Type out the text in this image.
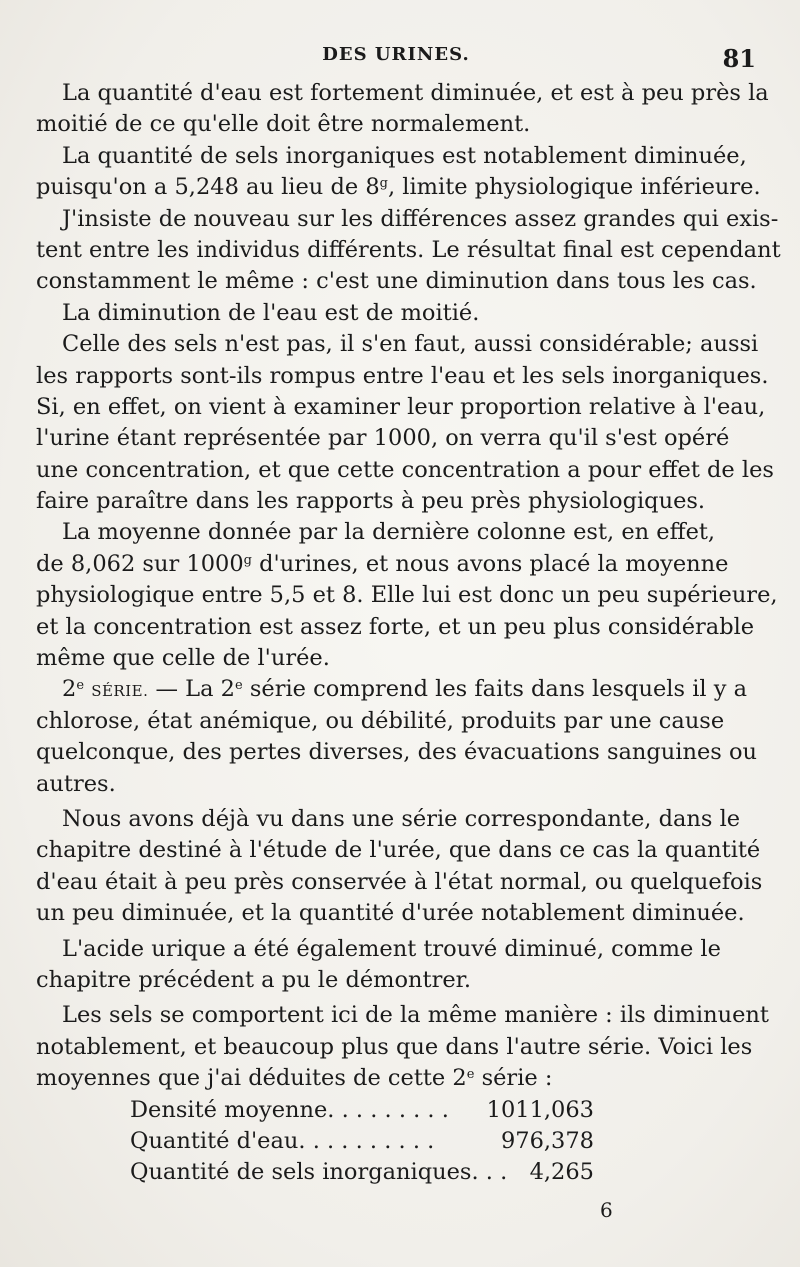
DES URINES.	81
La quantité d'eau est fortement diminuée, et est à peu près la
moitié de ce qu'elle doit être normalement.
La quantité de sels inorganiques est notablement diminuée,
puisqu'on a 5,248 au lieu de 8$^g$, limite physiologique inférieure.
J'insiste de nouveau sur les différences assez grandes qui exis-
tent entre les individus différents. Le résultat final est cependant
constamment le même : c'est une diminution dans tous les cas.
La diminution de l'eau est de moitié.
Celle des sels n'est pas, il s'en faut, aussi considérable; aussi
les rapports sont-ils rompus entre l'eau et les sels inorganiques.
Si, en effet, on vient à examiner leur proportion relative à l'eau,
l'urine étant représentée par 1000, on verra qu'il s'est opéré
une concentration, et que cette concentration a pour effet de les
faire paraître dans les rapports à peu près physiologiques.
La moyenne donnée par la dernière colonne est, en effet,
de 8,062 sur 1000$^g$ d'urines, et nous avons placé la moyenne
physiologique entre 5,5 et 8. Elle lui est donc un peu supérieure,
et la concentration est assez forte, et un peu plus considérable
même que celle de l'urée.
2e SÉRIE. — La 2e série comprend les faits dans lesquels il y a
chlorose, état anémique, ou débilité, produits par une cause
quelconque, des pertes diverses, des évacuations sanguines ou
autres.
Nous avons déjà vu dans une série correspondante, dans le
chapitre destiné à l'étude de l'urée, que dans ce cas la quantité
d'eau était à peu près conservée à l'état normal, ou quelquefois
un peu diminuée, et la quantité d'urée notablement diminuée.
L'acide urique a été également trouvé diminué, comme le
chapitre précédent a pu le démontrer.
Les sels se comportent ici de la même manière : ils diminuent
notablement, et beaucoup plus que dans l'autre série. Voici les
moyennes que j'ai déduites de cette 2e série :
Densité moyenne. . . . . . . . .	1011,063
Quantité d'eau. . . . . . . . . .	976,378
Quantité de sels inorganiques. . . 4,265
6
